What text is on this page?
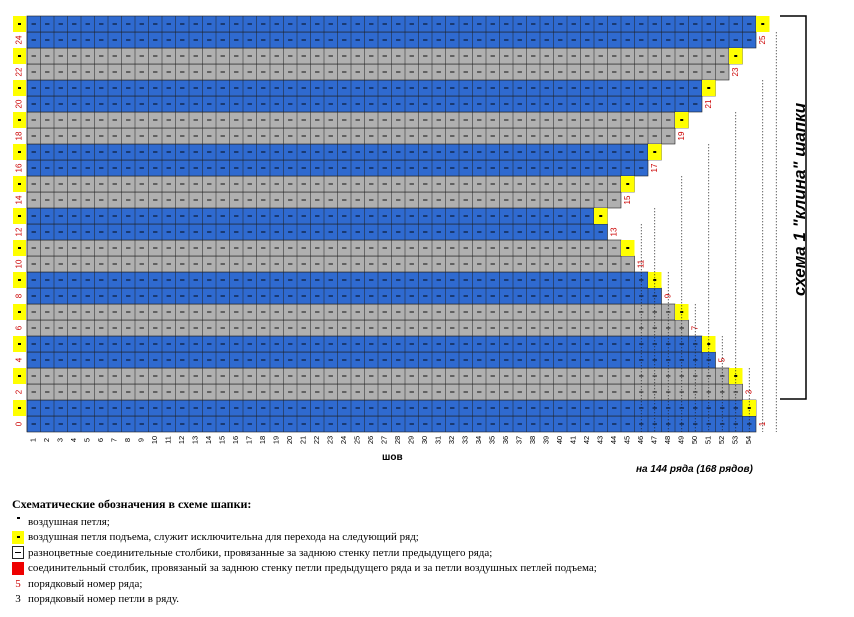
0
2
4
6
8
10
12
14
16
18
20
22
24
1
3
5
7
9
11
13
15
17
19
21
23
25
1 2 3 4 5 6 7 8 9 10 11 12 13 14 15 16 17 18 19 20 21 22 23 24 25 26 27 28 29 30 31 32 33 34 35 36 37 38 39 40 41 42 43 44 45 46 47 48 49 50 51 52 53 54
шов
на 144 ряда (168 рядов)
схема 1 "клина" шапки
Схематические обозначения в схеме шапки:
воздушная петля;
воздушная петля подъема, служит исключительна для перехода на следующий ряд;
разноцветные соединительные столбики, провязанные за заднюю стенку петли предыдущего ряда;
соединительный столбик, провязаный за заднюю стенку петли предыдущего ряда и за петли воздушных петлей подъема;
5 порядковый номер ряда;
3 порядковый номер петли в ряду.
